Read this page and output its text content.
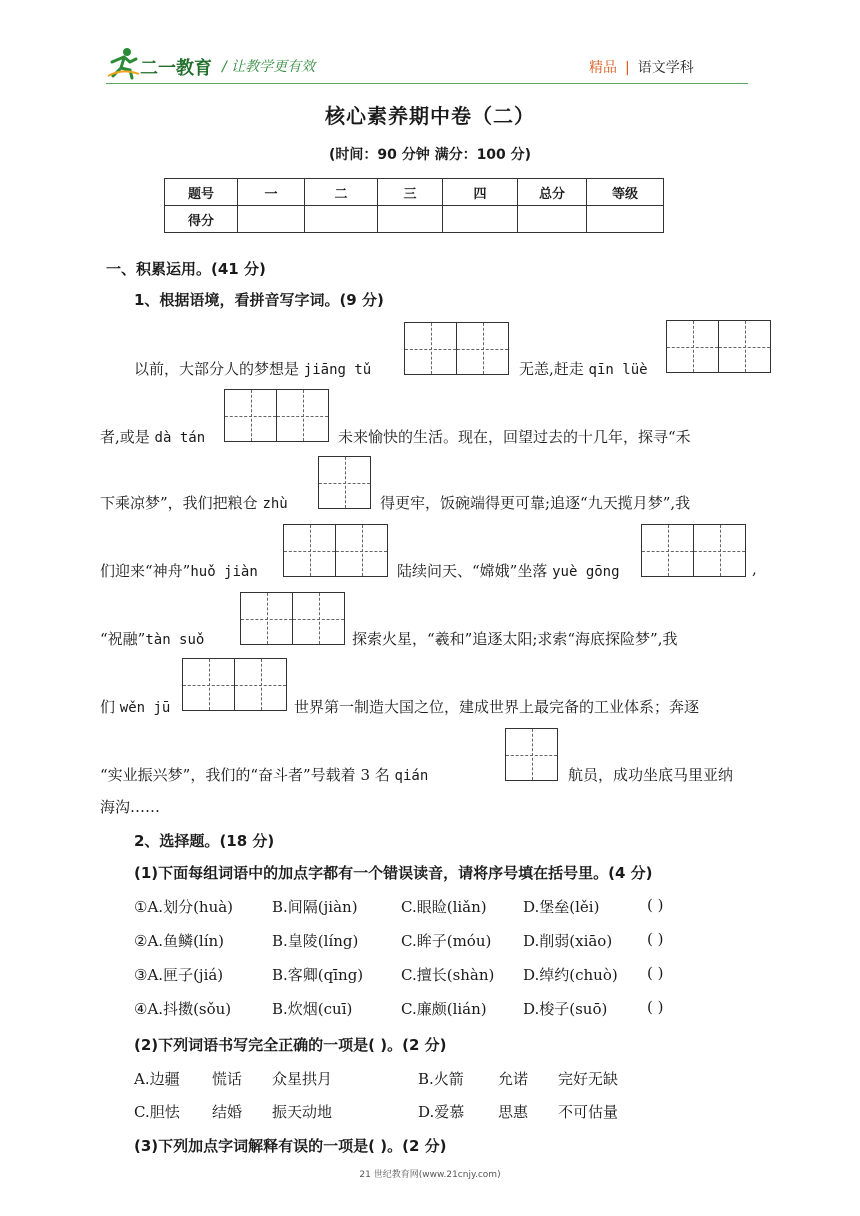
二一教育 / 让教学更有效	精品 | 语文学科
核心素养期中卷（二）
(时间：90 分钟 满分：100 分)
题号	一	二	三	四	总分	等级
得分						
一、积累运用。(41 分)
1、根据语境，看拼音写字词。(9 分)
以前，大部分人的梦想是 jiāng tǔ	无恙,赶走 qīn lüè
者,或是 dà tán	未来愉快的生活。现在，回望过去的十几年，探寻“禾
下乘凉梦”，我们把粮仓 zhù	得更牢，饭碗端得更可靠;追逐“九天揽月梦”,我
们迎来“神舟”huǒ jiàn	陆续问天、“嫦娥”坐落 yuè gōng	,
“祝融”tàn suǒ	探索火星，“羲和”追逐太阳;求索“海底探险梦”,我
们 wěn jū	世界第一制造大国之位，建成世界上最完备的工业体系；奔逐
“实业振兴梦”，我们的“奋斗者”号载着 3 名 qián	航员，成功坐底马里亚纳
海沟……
2、选择题。(18 分)
(1)下面每组词语中的加点字都有一个错误读音，请将序号填在括号里。(4 分)
①A.划分(huà)	B.间隔(jiàn)	C.眼睑(liǎn) D.堡垒(lěi)	( )
②A.鱼鳞(lín)	B.皇陵(líng)	C.眸子(móu) D.削弱(xiāo) ( )
③A.匣子(jiá)	B.客卿(qīng)	C.擅长(shàn) D.绰约(chuò) ( )
④A.抖擞(sǒu)	B.炊烟(cuī)	C.廉颇(lián) D.梭子(suō)	( )
(2)下列词语书写完全正确的一项是( )。(2 分)
A.边疆 慌话 众星拱月	B.火箭 允诺 完好无缺
C.胆怯 结婚 振天动地	D.爱慕 思惠 不可估量
(3)下列加点字词解释有误的一项是( )。(2 分)
21 世纪教育网(www.21cnjy.com)
